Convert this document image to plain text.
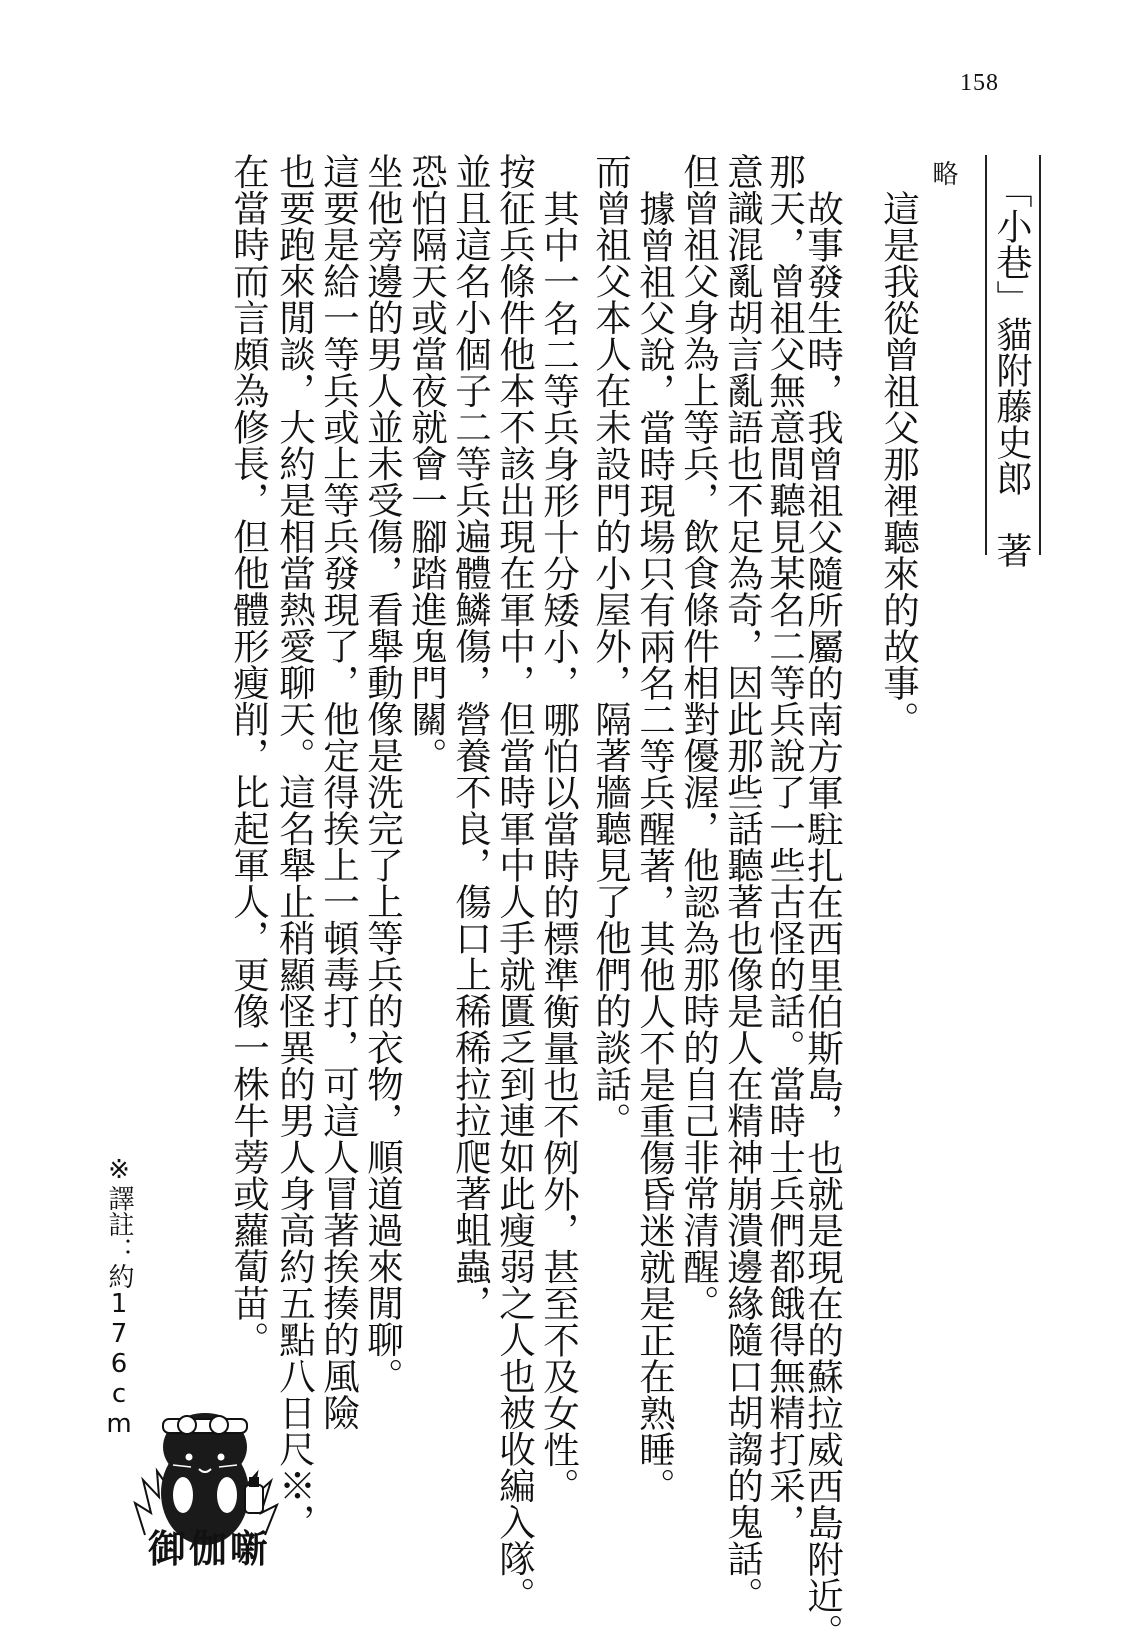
158
「小巷」貓附藤史郎　著
略
這是我從曾祖父那裡聽來的故事。
故事發生時，我曾祖父隨所屬的南方軍駐扎在西里伯斯島，也就是現在的蘇拉威西島附近。
那天，曾祖父無意間聽見某名二等兵說了一些古怪的話。當時士兵們都餓得無精打采，
意識混亂胡言亂語也不足為奇，因此那些話聽著也像是人在精神崩潰邊緣隨口胡謅的鬼話。
但曾祖父身為上等兵，飲食條件相對優渥，他認為那時的自己非常清醒。
據曾祖父說，當時現場只有兩名二等兵醒著，其他人不是重傷昏迷就是正在熟睡。
而曾祖父本人在未設門的小屋外，隔著牆聽見了他們的談話。
其中一名二等兵身形十分矮小，哪怕以當時的標準衡量也不例外，甚至不及女性。
按征兵條件他本不該出現在軍中，但當時軍中人手就匱乏到連如此瘦弱之人也被收編入隊。
並且這名小個子二等兵遍體鱗傷，營養不良，傷口上稀稀拉拉爬著蛆蟲，
恐怕隔天或當夜就會一腳踏進鬼門關。
坐他旁邊的男人並未受傷，看舉動像是洗完了上等兵的衣物，順道過來閒聊。
這要是給一等兵或上等兵發現了，他定得挨上一頓毒打，可這人冒著挨揍的風險
也要跑來閒談，大約是相當熱愛聊天。這名舉止稍顯怪異的男人身高約五點八日尺※，
在當時而言頗為修長，但他體形瘦削，比起軍人，更像一株牛蒡或蘿蔔苗。
※譯註：約176cm
御伽噺
